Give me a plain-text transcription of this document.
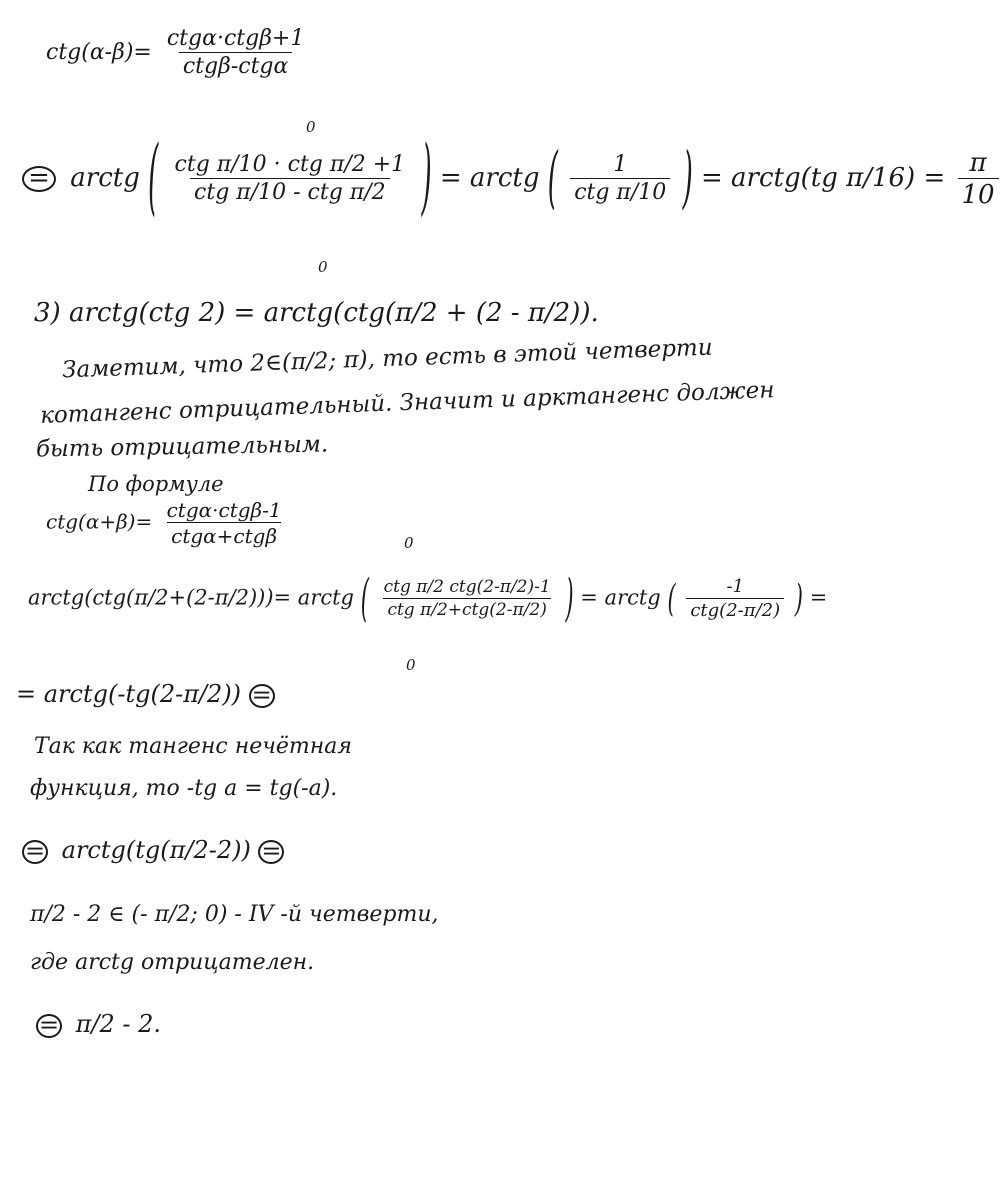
$ctg(\alpha-\beta)= \frac{\text{ctgα·ctgβ+1}}{\text{ctgβ-ctgα}}$
= arctg ( $\frac{\text{ctg π/10 · ctg π/2 +1}}{\text{ctg π/10 - ctg π/2}}$ ) = arctg ( $\frac{1}{\text{ctg π/10}}$ ) = arctg(tg $\pi/16) = \frac{\pi}{10}$
0
0
3) arctg(ctg 2) = arctg(ctg(π/2 + (2 - π/2)).
Заметим, что 2∈(π/2; π), то есть в этой четверти
котангенс отрицательный. Значит и арктангенс должен
быть отрицательным.
По формуле
$ctg(\alpha+\beta)= \frac{\text{ctgα·ctgβ-1}}{\text{ctgα+ctgβ}}$
arctg(ctg(π/2+(2-π/2)))= arctg ( $\frac{\text{ctg π/2 ctg(2-π/2)-1}}{\text{ctg π/2+ctg(2-π/2)}}$ ) = arctg ( $\frac{-1}{\text{ctg(2-π/2)}}$ ) =
0
0
= arctg(-tg(2-π/2)) =
Так как тангенс нечётная
функция, то -tg a = tg(-a).
= arctg(tg(π/2-2)) =
π/2 - 2 ∈ (- π/2; 0) - IV -й четверти,
где arctg отрицателен.
= π/2 - 2.
